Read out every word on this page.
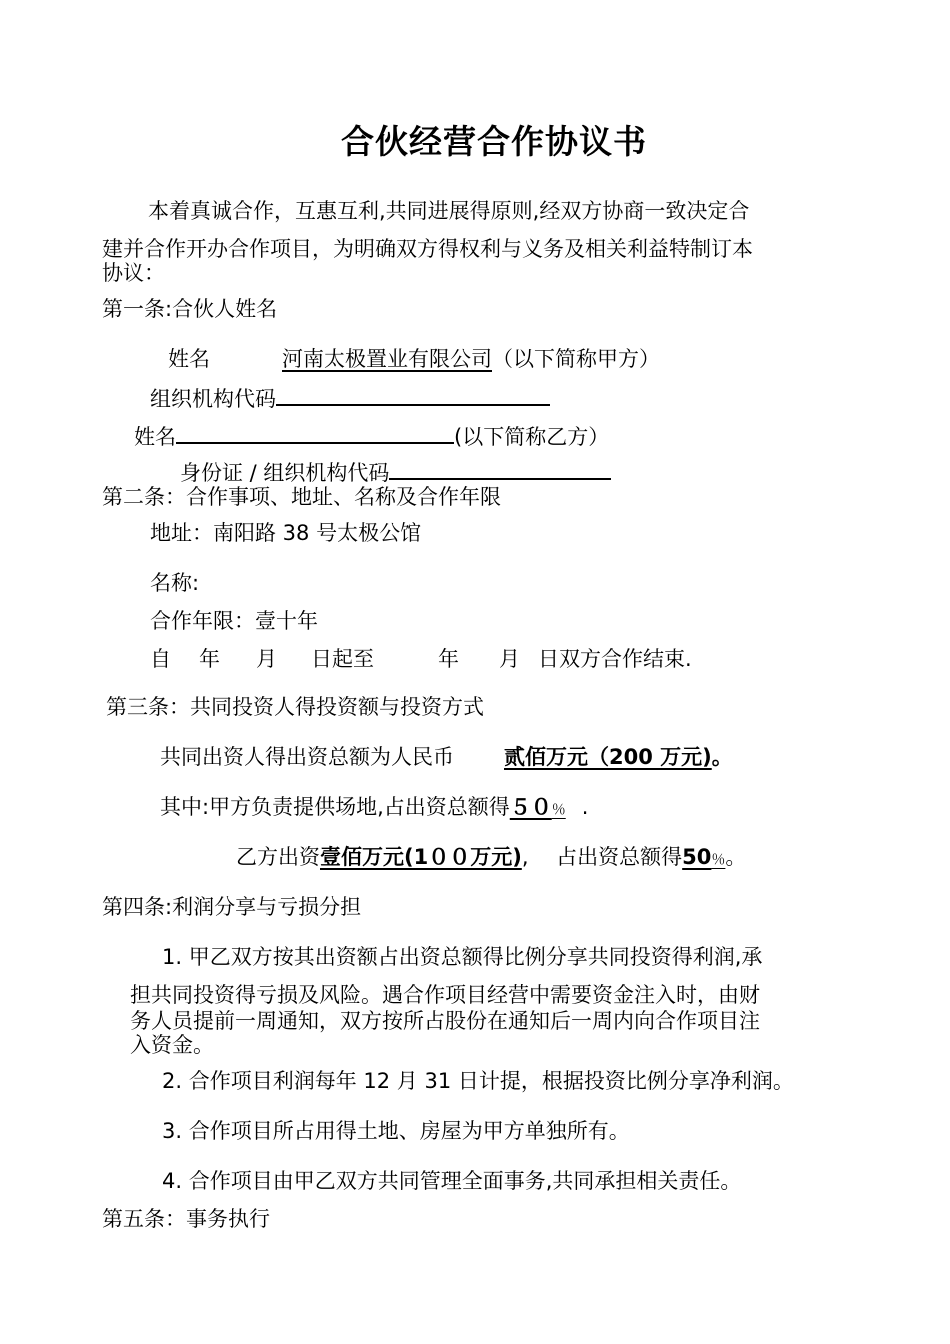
合伙经营合作协议书
本着真诚合作，互惠互利,共同进展得原则,经双方协商一致决定合
建并合作开办合作项目，为明确双方得权利与义务及相关利益特制订本
协议：
第一条:合伙人姓名
姓名	河南太极置业有限公司（以下简称甲方）
组织机构代码
姓名	(以下简称乙方）
身份证 / 组织机构代码
第二条：合作事项、地址、名称及合作年限
地址：南阳路 38 号太极公馆
名称:
合作年限：壹十年
自 年 月 日起至	年 月 日双方合作结束.
第三条：共同投资人得投资额与投资方式
共同出资人得出资总额为人民币 贰佰万元（200 万元)。
其中:甲方负责提供场地,占出资总额得５０％ .
乙方出资壹佰万元(1００万元),　 占出资总额得50％。
第四条:利润分享与亏损分担
1. 甲乙双方按其出资额占出资总额得比例分享共同投资得利润,承
担共同投资得亏损及风险。遇合作项目经营中需要资金注入时，由财
务人员提前一周通知，双方按所占股份在通知后一周内向合作项目注
入资金。
2. 合作项目利润每年 12 月 31 日计提，根据投资比例分享净利润。
3. 合作项目所占用得土地、房屋为甲方单独所有。
4. 合作项目由甲乙双方共同管理全面事务,共同承担相关责任。
第五条：事务执行
